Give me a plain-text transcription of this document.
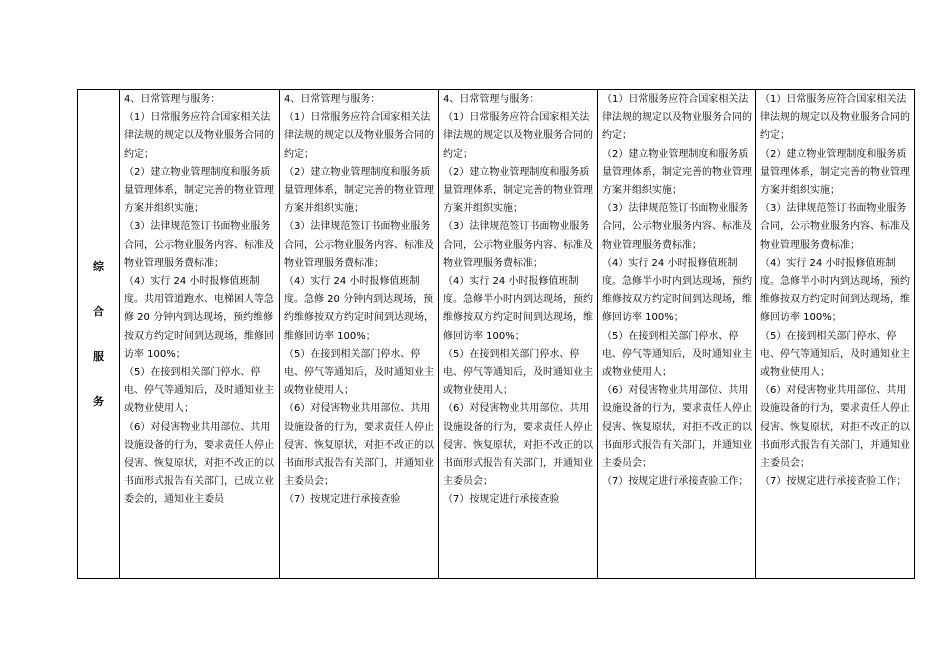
综
合
服
务

4、日常管理与服务：
（1）日常服务应符合国家相关法律法规的规定以及物业服务合同的约定；
（2）建立物业管理制度和服务质量管理体系，制定完善的物业管理方案并组织实施；
（3）法律规范签订书面物业服务合同，公示物业服务内容、标准及物业管理服务费标准；
（4）实行 24 小时报修值班制度。共用管道跑水、电梯困人等急修 20 分钟内到达现场，预约维修按双方约定时间到达现场，维修回访率 100%；
（5）在接到相关部门停水、停电、停气等通知后，及时通知业主或物业使用人；
（6）对侵害物业共用部位、共用设施设备的行为，要求责任人停止侵害、恢复原状，对拒不改正的以书面形式报告有关部门，已成立业委会的，通知业主委员

4、日常管理与服务：
（1）日常服务应符合国家相关法律法规的规定以及物业服务合同的约定；
（2）建立物业管理制度和服务质量管理体系，制定完善的物业管理方案并组织实施；
（3）法律规范签订书面物业服务合同，公示物业服务内容、标准及物业管理服务费标准；
（4）实行 24 小时报修值班制度。急修 20 分钟内到达现场，预约维修按双方约定时间到达现场，维修回访率 100%；
（5）在接到相关部门停水、停电、停气等通知后，及时通知业主或物业使用人；
（6）对侵害物业共用部位、共用设施设备的行为，要求责任人停止侵害、恢复原状，对拒不改正的以书面形式报告有关部门，并通知业主委员会；
（7）按规定进行承接查验

4、日常管理与服务：
（1）日常服务应符合国家相关法律法规的规定以及物业服务合同的约定；
（2）建立物业管理制度和服务质量管理体系，制定完善的物业管理方案并组织实施；
（3）法律规范签订书面物业服务合同，公示物业服务内容、标准及物业管理服务费标准；
（4）实行 24 小时报修值班制度。急修半小时内到达现场，预约维修按双方约定时间到达现场，维修回访率 100%；
（5）在接到相关部门停水、停电、停气等通知后，及时通知业主或物业使用人；
（6）对侵害物业共用部位、共用设施设备的行为，要求责任人停止侵害、恢复原状，对拒不改正的以书面形式报告有关部门，并通知业主委员会；
（7）按规定进行承接查验

（1）日常服务应符合国家相关法律法规的规定以及物业服务合同的约定；
（2）建立物业管理制度和服务质量管理体系，制定完善的物业管理方案并组织实施；
（3）法律规范签订书面物业服务合同，公示物业服务内容、标准及物业管理服务费标准；
（4）实行 24 小时报修值班制度。急修半小时内到达现场，预约维修按双方约定时间到达现场，维修回访率 100%；
（5）在接到相关部门停水、停电、停气等通知后，及时通知业主或物业使用人；
（6）对侵害物业共用部位、共用设施设备的行为，要求责任人停止侵害、恢复原状，对拒不改正的以书面形式报告有关部门，并通知业主委员会；
（7）按规定进行承接查验工作；

（1）日常服务应符合国家相关法律法规的规定以及物业服务合同的约定；
（2）建立物业管理制度和服务质量管理体系，制定完善的物业管理方案并组织实施；
（3）法律规范签订书面物业服务合同，公示物业服务内容、标准及物业管理服务费标准；
（4）实行 24 小时报修值班制度。急修半小时内到达现场，预约维修按双方约定时间到达现场，维修回访率 100%；
（5）在接到相关部门停水、停电、停气等通知后，及时通知业主或物业使用人；
（6）对侵害物业共用部位、共用设施设备的行为，要求责任人停止侵害、恢复原状，对拒不改正的以书面形式报告有关部门，并通知业主委员会；
（7）按规定进行承接查验工作；
